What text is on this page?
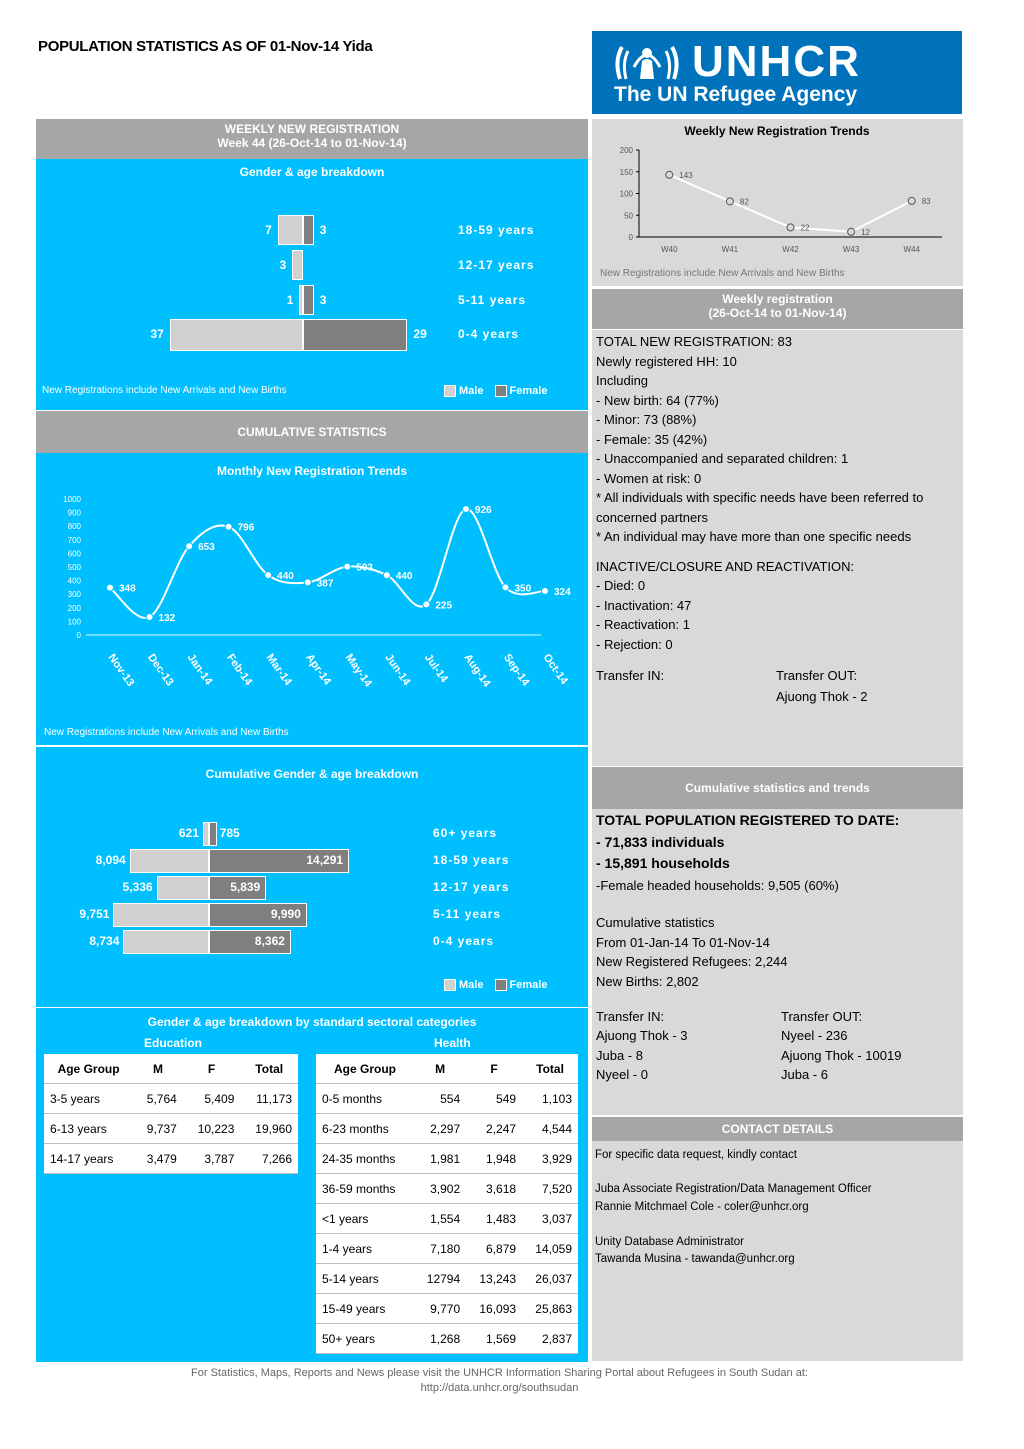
POPULATION STATISTICS AS OF 01-Nov-14 Yida	UNHCR
The UN Refugee Agency
WEEKLY NEW REGISTRATION
Week 44 (26-Oct-14 to 01-Nov-14)
Gender & age breakdown
7	3	18-59 years
3	12-17 years
1 3	5-11 years
37	29	0-4 years
New Registrations include New Arrivals and New Births	Male Female
CUMULATIVE STATISTICS
Monthly New Registration Trends
0
100
200
300
400
500
600
700
800
900
1000
348
Nov-13
132
Dec-13
653
Jan-14
796
Feb-14
440
Mar-14
387
Apr-14
503
May-14
440
Jun-14
225
Jul-14
926
Aug-14
350
Sep-14
324
Oct-14
New Registrations include New Arrivals and New Births
Cumulative Gender & age breakdown
621 785	60+ years
8,094	14,291	18-59 years
5,336	5,839	12-17 years
9,751	9,990	5-11 years
8,734	8,362	0-4 years
Male Female
Gender & age breakdown by standard sectoral categories
Education	Health
Age Group	M	F	Total
3-5 years	5,764	5,409	11,173
6-13 years	9,737	10,223	19,960
14-17 years	3,479	3,787	7,266
Age Group	M	F	Total
0-5 months	554	549	1,103
6-23 months	2,297	2,247	4,544
24-35 months	1,981	1,948	3,929
36-59 months	3,902	3,618	7,520
<1 years	1,554	1,483	3,037
1-4 years	7,180	6,879	14,059
5-14 years	12794	13,243	26,037
15-49 years	9,770	16,093	25,863
50+ years	1,268	1,569	2,837
Weekly New Registration Trends
0
50
100
150
200
143
W40
82
W41
22
W42
12
W43
83
W44
New Registrations include New Arrivals and New Births
Weekly registration
(26-Oct-14 to 01-Nov-14)
TOTAL NEW REGISTRATION: 83
Newly registered HH: 10
Including
- New birth: 64 (77%)
- Minor: 73 (88%)
- Female: 35 (42%)
- Unaccompanied and separated children: 1
- Women at risk: 0
* All individuals with specific needs have been referred to concerned partners
* An individual may have more than one specific needs
INACTIVE/CLOSURE AND REACTIVATION:
- Died: 0
- Inactivation: 47
- Reactivation: 1
- Rejection: 0
Transfer IN:	Transfer OUT:
Ajuong Thok - 2
Cumulative statistics and trends
TOTAL POPULATION REGISTERED TO DATE:
- 71,833 individuals
- 15,891 households
-Female headed households: 9,505 (60%)
Cumulative statistics
From 01-Jan-14 To 01-Nov-14
New Registered Refugees: 2,244
New Births: 2,802
Transfer IN:
Ajuong Thok - 3
Juba - 8
Nyeel - 0
Transfer OUT:
Nyeel - 236
Ajuong Thok - 10019
Juba - 6
CONTACT DETAILS
For specific data request, kindly contact
Juba Associate Registration/Data Management Officer
Rannie Mitchmael Cole - coler@unhcr.org
Unity Database Administrator
Tawanda Musina - tawanda@unhcr.org
For Statistics, Maps, Reports and News please visit the UNHCR Information Sharing Portal about Refugees in South Sudan at:
http://data.unhcr.org/southsudan
